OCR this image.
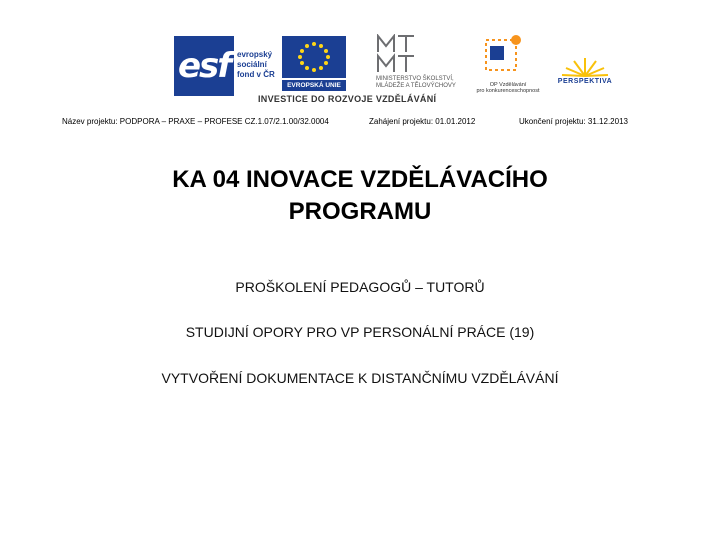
esf evropský
sociální
fond v ČR
EVROPSKÁ UNIE
MINISTERSTVO ŠKOLSTVÍ,
MLÁDEŽE A TĚLOVÝCHOVY	OP Vzdělávání
pro konkurenceschopnost
PERSPEKTIVA
INVESTICE DO ROZVOJE VZDĚLÁVÁNÍ
Název projektu: PODPORA – PRAXE – PROFESE CZ.1.07/2.1.00/32.0004	Zahájení projektu: 01.01.2012	Ukončení projektu: 31.12.2013
KA 04 INOVACE VZDĚLÁVACÍHO
PROGRAMU
PROŠKOLENÍ PEDAGOGŮ – TUTORŮ
STUDIJNÍ OPORY PRO VP PERSONÁLNÍ PRÁCE (19)
VYTVOŘENÍ DOKUMENTACE K DISTANČNÍMU VZDĚLÁVÁNÍ
